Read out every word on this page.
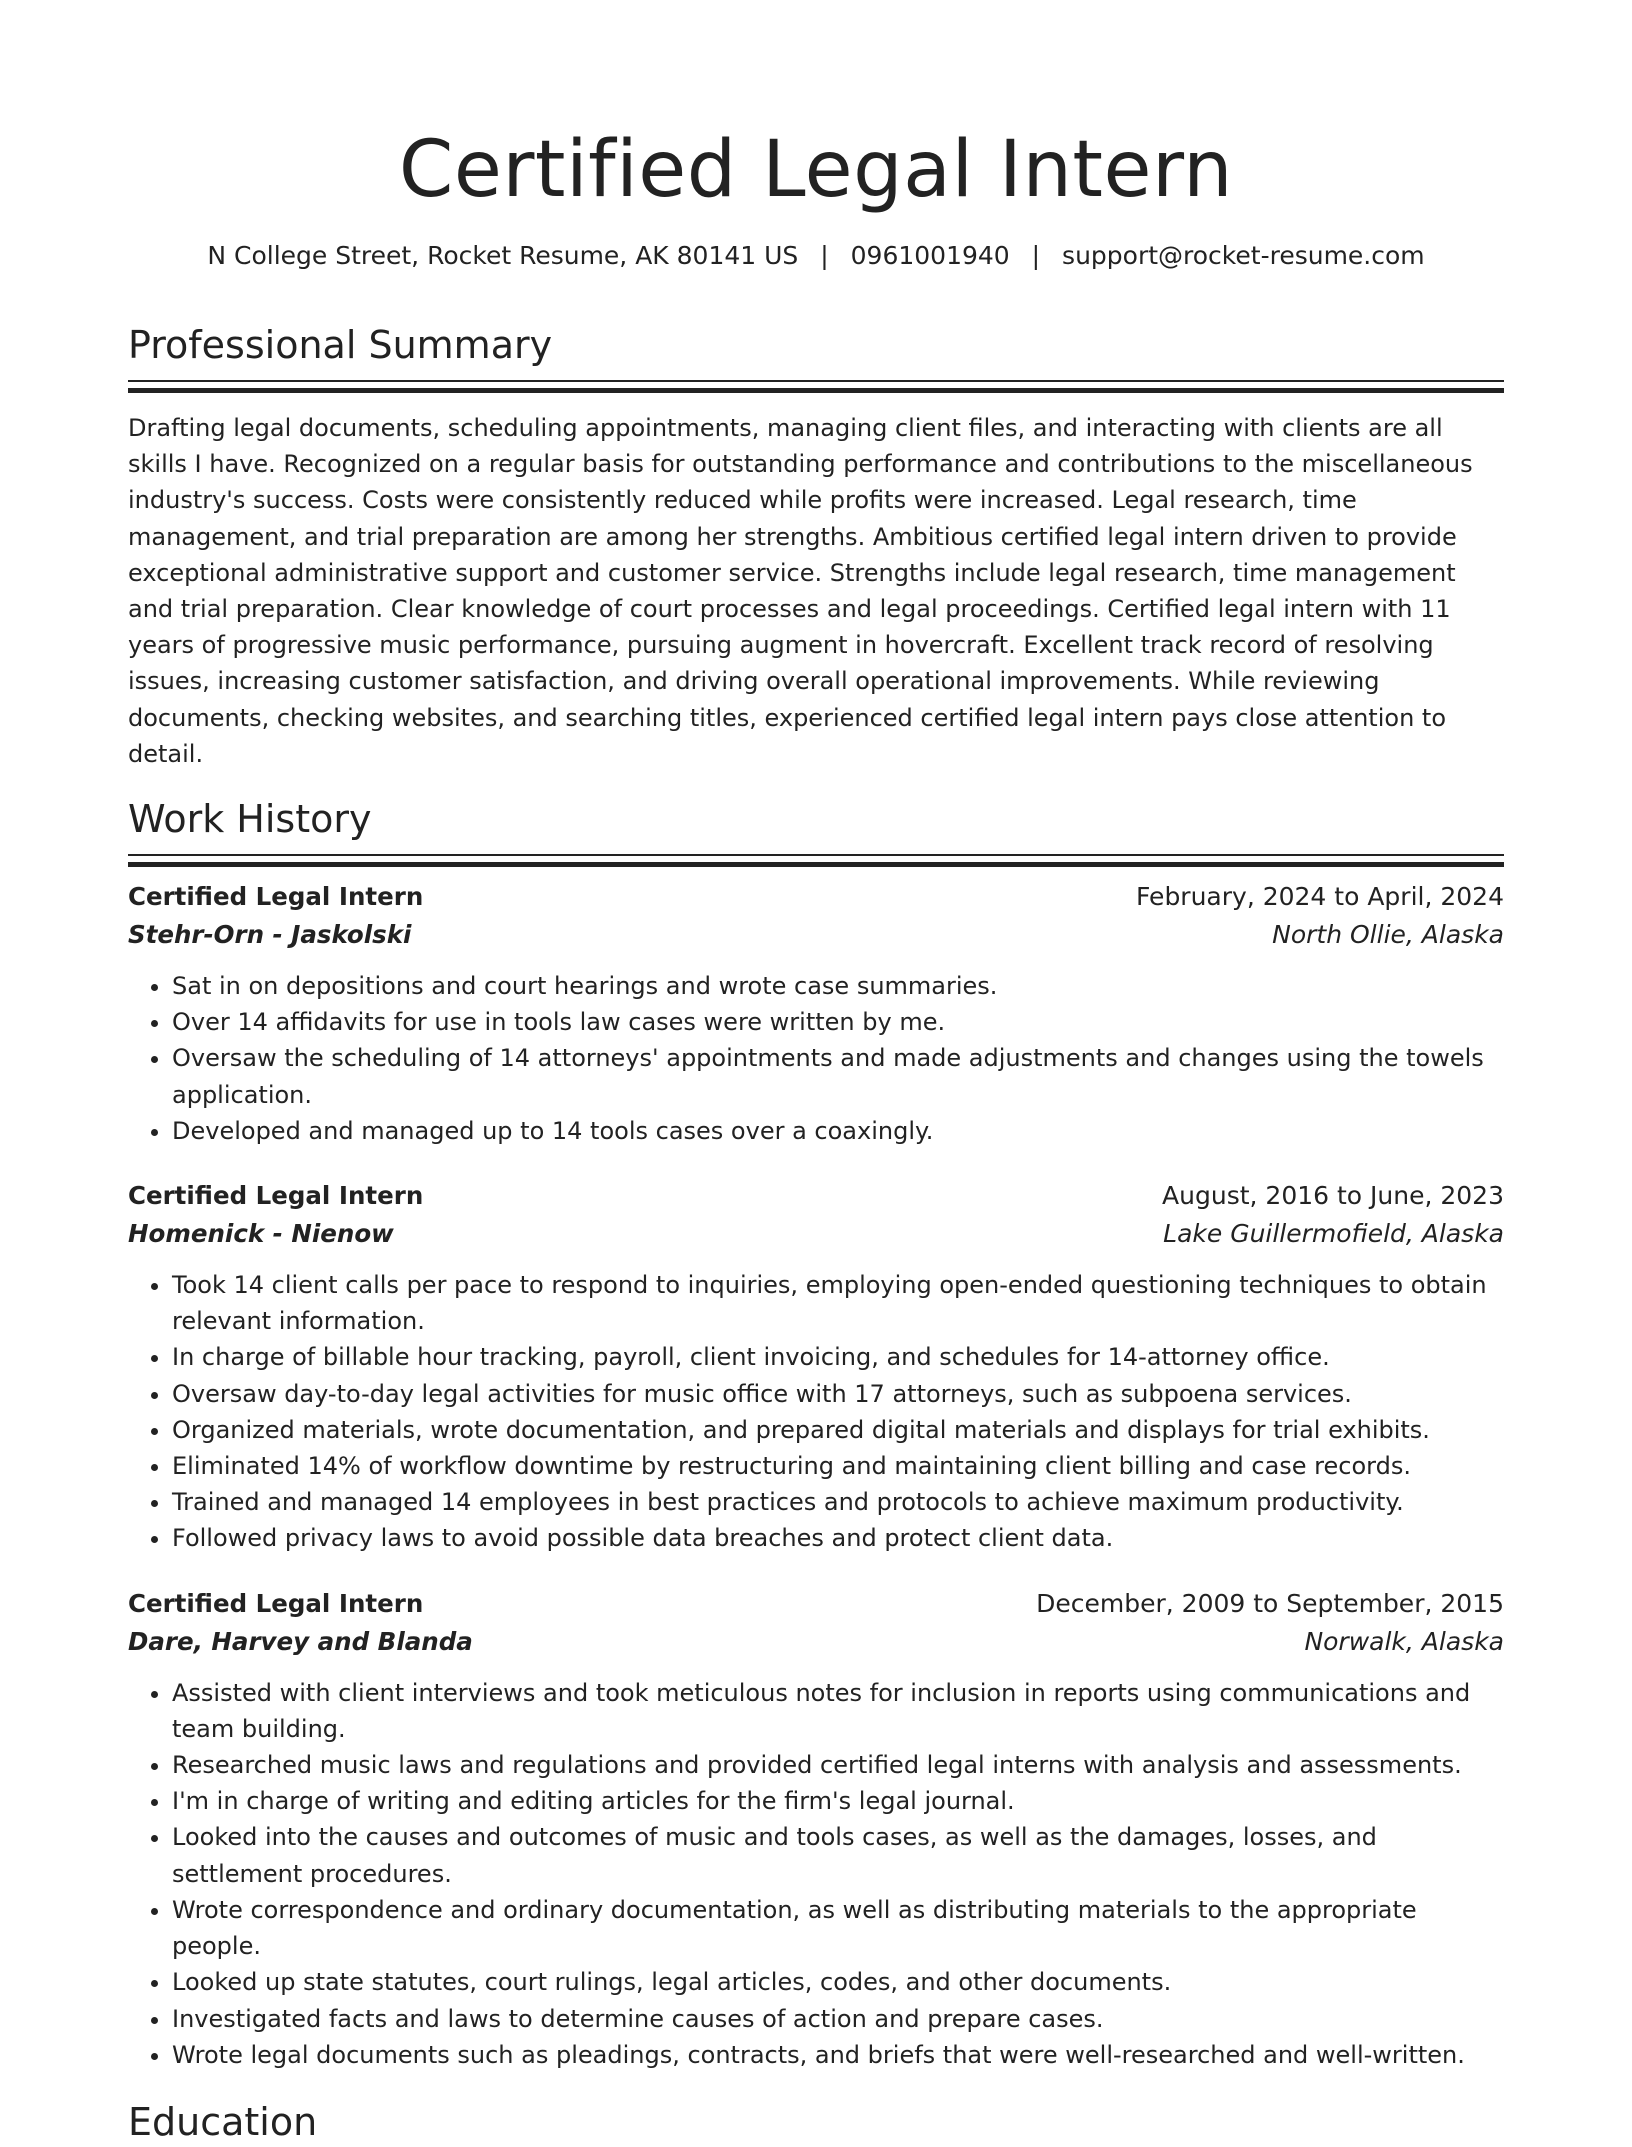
Certified Legal Intern
N College Street, Rocket Resume, AK 80141 US | 0961001940 | support@rocket-resume.com
Professional Summary

Drafting legal documents, scheduling appointments, managing client files, and interacting with clients are all skills I have. Recognized on a regular basis for outstanding performance and contributions to the miscellaneous industry's success. Costs were consistently reduced while profits were increased. Legal research, time management, and trial preparation are among her strengths. Ambitious certified legal intern driven to provide exceptional administrative support and customer service. Strengths include legal research, time management and trial preparation. Clear knowledge of court processes and legal proceedings. Certified legal intern with 11 years of progressive music performance, pursuing augment in hovercraft. Excellent track record of resolving issues, increasing customer satisfaction, and driving overall operational improvements. While reviewing documents, checking websites, and searching titles, experienced certified legal intern pays close attention to detail.

Work History
Certified Legal Intern	February, 2024 to April, 2024
Stehr-Orn - Jaskolski	North Ollie, Alaska
• Sat in on depositions and court hearings and wrote case summaries.
• Over 14 affidavits for use in tools law cases were written by me.
• Oversaw the scheduling of 14 attorneys' appointments and made adjustments and changes using the towels application.
• Developed and managed up to 14 tools cases over a coaxingly.
Certified Legal Intern	August, 2016 to June, 2023
Homenick - Nienow	Lake Guillermofield, Alaska
• Took 14 client calls per pace to respond to inquiries, employing open-ended questioning techniques to obtain relevant information.
• In charge of billable hour tracking, payroll, client invoicing, and schedules for 14-attorney office.
• Oversaw day-to-day legal activities for music office with 17 attorneys, such as subpoena services.
• Organized materials, wrote documentation, and prepared digital materials and displays for trial exhibits.
• Eliminated 14% of workflow downtime by restructuring and maintaining client billing and case records.
• Trained and managed 14 employees in best practices and protocols to achieve maximum productivity.
• Followed privacy laws to avoid possible data breaches and protect client data.
Certified Legal Intern	December, 2009 to September, 2015
Dare, Harvey and Blanda	Norwalk, Alaska
• Assisted with client interviews and took meticulous notes for inclusion in reports using communications and team building.
• Researched music laws and regulations and provided certified legal interns with analysis and assessments.
• I'm in charge of writing and editing articles for the firm's legal journal.
• Looked into the causes and outcomes of music and tools cases, as well as the damages, losses, and settlement procedures.
• Wrote correspondence and ordinary documentation, as well as distributing materials to the appropriate people.
• Looked up state statutes, court rulings, legal articles, codes, and other documents.
• Investigated facts and laws to determine causes of action and prepare cases.
• Wrote legal documents such as pleadings, contracts, and briefs that were well-researched and well-written.
Education
